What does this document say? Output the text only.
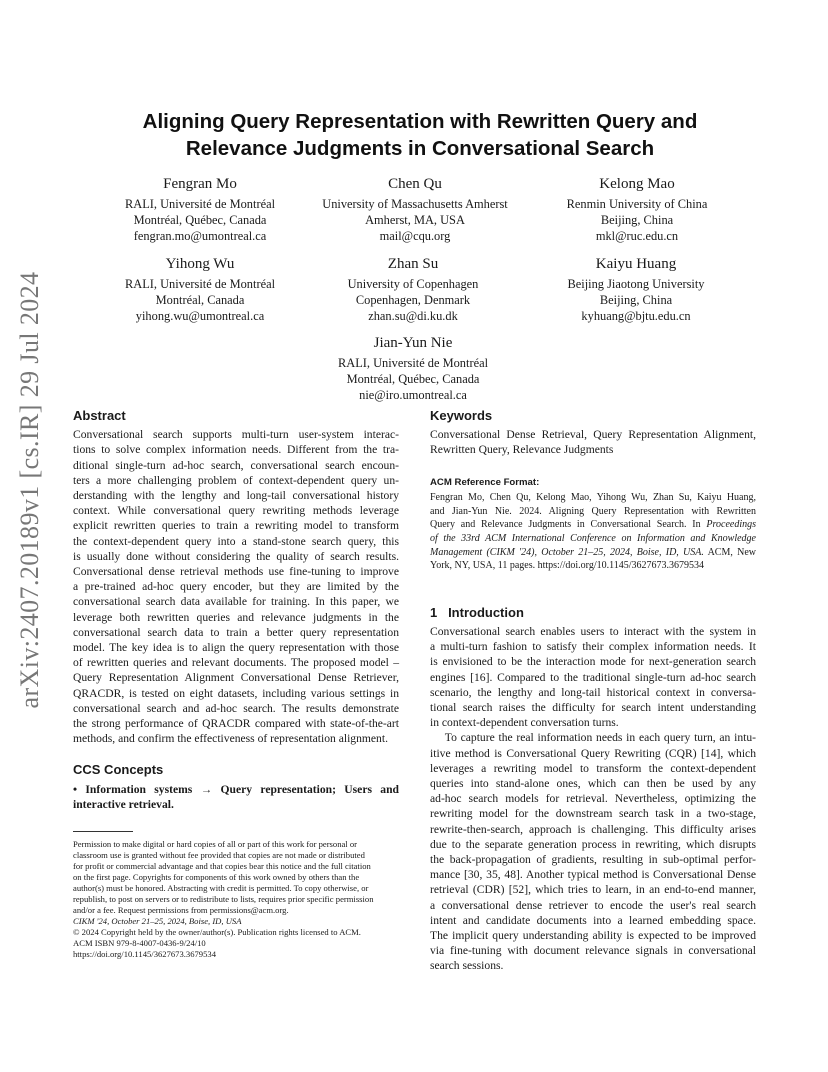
arXiv:2407.20189v1 [cs.IR] 29 Jul 2024
Aligning Query Representation with Rewritten Query and
Relevance Judgments in Conversational Search
Fengran Mo
RALI, Université de Montréal
Montréal, Québec, Canada
fengran.mo@umontreal.ca
Chen Qu
University of Massachusetts Amherst
Amherst, MA, USA
mail@cqu.org
Kelong Mao
Renmin University of China
Beijing, China
mkl@ruc.edu.cn
Yihong Wu
RALI, Université de Montréal
Montréal, Canada
yihong.wu@umontreal.ca
Zhan Su
University of Copenhagen
Copenhagen, Denmark
zhan.su@di.ku.dk
Kaiyu Huang
Beijing Jiaotong University
Beijing, China
kyhuang@bjtu.edu.cn
Jian-Yun Nie
RALI, Université de Montréal
Montréal, Québec, Canada
nie@iro.umontreal.ca
Abstract
Conversational search supports multi-turn user-system interac-
tions to solve complex information needs. Different from the tra-
ditional single-turn ad-hoc search, conversational search encoun-
ters a more challenging problem of context-dependent query un-
derstanding with the lengthy and long-tail conversational history
context. While conversational query rewriting methods leverage
explicit rewritten queries to train a rewriting model to transform
the context-dependent query into a stand-stone search query, this
is usually done without considering the quality of search results.
Conversational dense retrieval methods use fine-tuning to improve
a pre-trained ad-hoc query encoder, but they are limited by the
conversational search data available for training. In this paper, we
leverage both rewritten queries and relevance judgments in the
conversational search data to train a better query representation
model. The key idea is to align the query representation with those
of rewritten queries and relevant documents. The proposed model –
Query Representation Alignment Conversational Dense Retriever,
QRACDR, is tested on eight datasets, including various settings in
conversational search and ad-hoc search. The results demonstrate
the strong performance of QRACDR compared with state-of-the-art
methods, and confirm the effectiveness of representation alignment.
CCS Concepts
• Information systems → Query representation; Users and
interactive retrieval.
Permission to make digital or hard copies of all or part of this work for personal or
classroom use is granted without fee provided that copies are not made or distributed
for profit or commercial advantage and that copies bear this notice and the full citation
on the first page. Copyrights for components of this work owned by others than the
author(s) must be honored. Abstracting with credit is permitted. To copy otherwise, or
republish, to post on servers or to redistribute to lists, requires prior specific permission
and/or a fee. Request permissions from permissions@acm.org.
CIKM '24, October 21–25, 2024, Boise, ID, USA
© 2024 Copyright held by the owner/author(s). Publication rights licensed to ACM.
ACM ISBN 979-8-4007-0436-9/24/10
https://doi.org/10.1145/3627673.3679534
Keywords
Conversational Dense Retrieval, Query Representation Alignment,
Rewritten Query, Relevance Judgments
ACM Reference Format:
Fengran Mo, Chen Qu, Kelong Mao, Yihong Wu, Zhan Su, Kaiyu Huang,
and Jian-Yun Nie. 2024. Aligning Query Representation with Rewritten
Query and Relevance Judgments in Conversational Search. In Proceedings
of the 33rd ACM International Conference on Information and Knowledge
Management (CIKM '24), October 21–25, 2024, Boise, ID, USA. ACM, New
York, NY, USA, 11 pages. https://doi.org/10.1145/3627673.3679534
1   Introduction
Conversational search enables users to interact with the system in
a multi-turn fashion to satisfy their complex information needs. It
is envisioned to be the interaction mode for next-generation search
engines [16]. Compared to the traditional single-turn ad-hoc search
scenario, the lengthy and long-tail historical context in conversa-
tional search raises the difficulty for search intent understanding
in context-dependent conversation turns.
To capture the real information needs in each query turn, an intu-
itive method is Conversational Query Rewriting (CQR) [14], which
leverages a rewriting model to transform the context-dependent
queries into stand-alone ones, which can then be used by any
ad-hoc search models for retrieval. Nevertheless, optimizing the
rewriting model for the downstream search task in a two-stage,
rewrite-then-search, approach is challenging. This difficulty arises
due to the separate generation process in rewriting, which disrupts
the back-propagation of gradients, resulting in sub-optimal perfor-
mance [30, 35, 48]. Another typical method is Conversational Dense
retrieval (CDR) [52], which tries to learn, in an end-to-end manner,
a conversational dense retriever to encode the user's real search
intent and candidate documents into a learned embedding space.
The implicit query understanding ability is expected to be improved
via fine-tuning with document relevance signals in conversational
search sessions.
